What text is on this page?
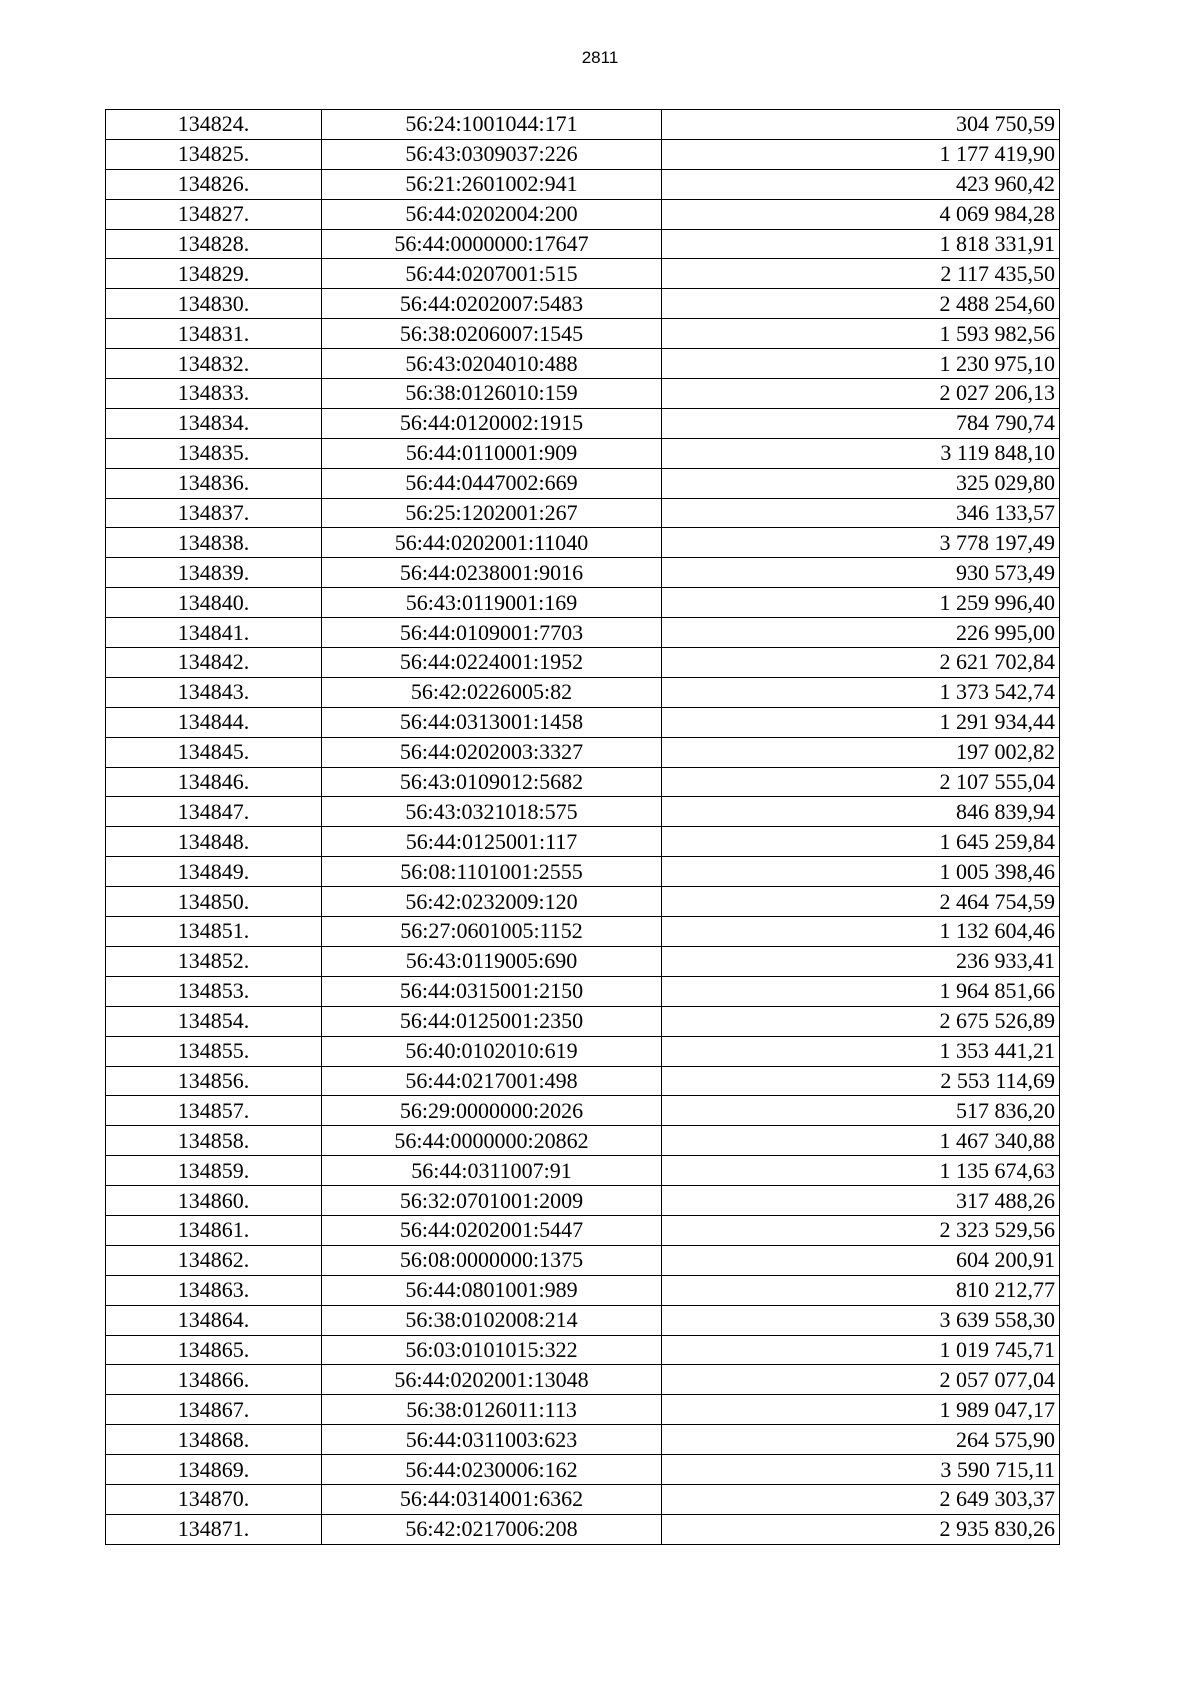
2811
134824.	56:24:1001044:171	304 750,59
134825.	56:43:0309037:226	1 177 419,90
134826.	56:21:2601002:941	423 960,42
134827.	56:44:0202004:200	4 069 984,28
134828.	56:44:0000000:17647	1 818 331,91
134829.	56:44:0207001:515	2 117 435,50
134830.	56:44:0202007:5483	2 488 254,60
134831.	56:38:0206007:1545	1 593 982,56
134832.	56:43:0204010:488	1 230 975,10
134833.	56:38:0126010:159	2 027 206,13
134834.	56:44:0120002:1915	784 790,74
134835.	56:44:0110001:909	3 119 848,10
134836.	56:44:0447002:669	325 029,80
134837.	56:25:1202001:267	346 133,57
134838.	56:44:0202001:11040	3 778 197,49
134839.	56:44:0238001:9016	930 573,49
134840.	56:43:0119001:169	1 259 996,40
134841.	56:44:0109001:7703	226 995,00
134842.	56:44:0224001:1952	2 621 702,84
134843.	56:42:0226005:82	1 373 542,74
134844.	56:44:0313001:1458	1 291 934,44
134845.	56:44:0202003:3327	197 002,82
134846.	56:43:0109012:5682	2 107 555,04
134847.	56:43:0321018:575	846 839,94
134848.	56:44:0125001:117	1 645 259,84
134849.	56:08:1101001:2555	1 005 398,46
134850.	56:42:0232009:120	2 464 754,59
134851.	56:27:0601005:1152	1 132 604,46
134852.	56:43:0119005:690	236 933,41
134853.	56:44:0315001:2150	1 964 851,66
134854.	56:44:0125001:2350	2 675 526,89
134855.	56:40:0102010:619	1 353 441,21
134856.	56:44:0217001:498	2 553 114,69
134857.	56:29:0000000:2026	517 836,20
134858.	56:44:0000000:20862	1 467 340,88
134859.	56:44:0311007:91	1 135 674,63
134860.	56:32:0701001:2009	317 488,26
134861.	56:44:0202001:5447	2 323 529,56
134862.	56:08:0000000:1375	604 200,91
134863.	56:44:0801001:989	810 212,77
134864.	56:38:0102008:214	3 639 558,30
134865.	56:03:0101015:322	1 019 745,71
134866.	56:44:0202001:13048	2 057 077,04
134867.	56:38:0126011:113	1 989 047,17
134868.	56:44:0311003:623	264 575,90
134869.	56:44:0230006:162	3 590 715,11
134870.	56:44:0314001:6362	2 649 303,37
134871.	56:42:0217006:208	2 935 830,26
